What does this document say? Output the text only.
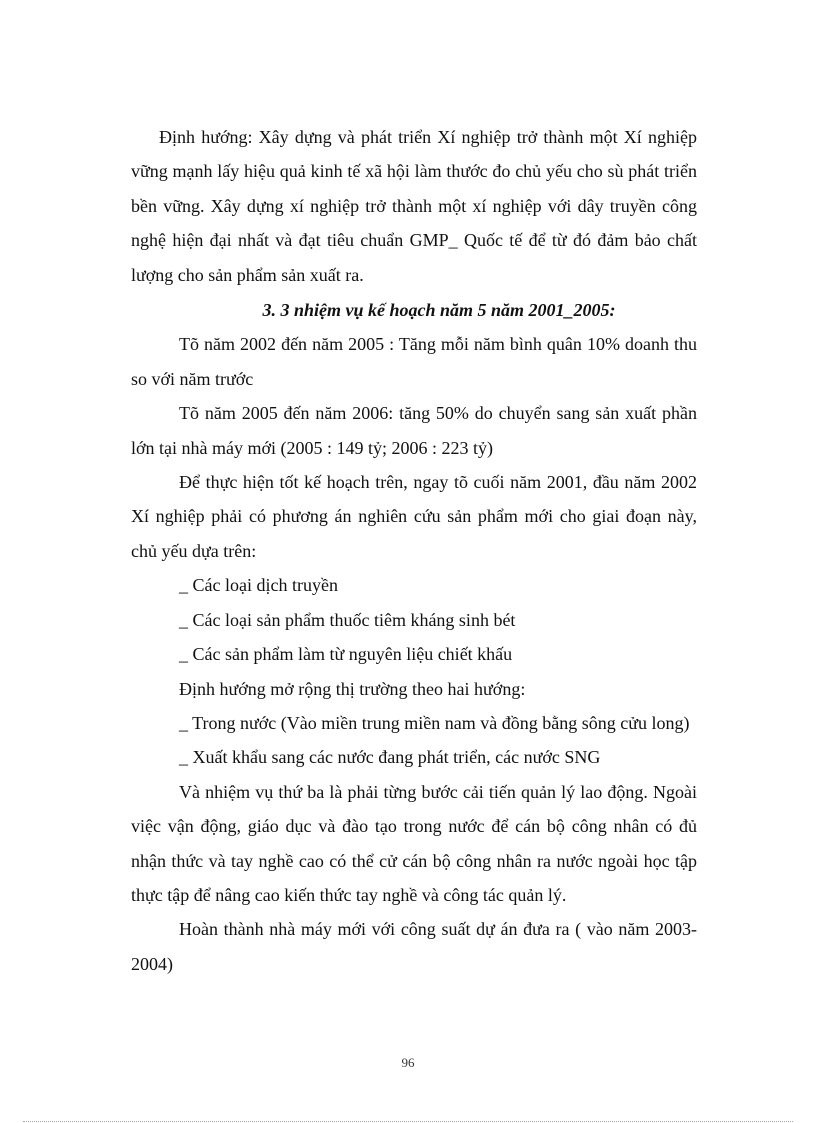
Định hướng: Xây dựng và phát triển Xí nghiệp trở thành một Xí nghiệp vững mạnh lấy hiệu quả kinh tế xã hội làm thước đo chủ yếu cho sù phát triển bền vững. Xây dựng xí nghiệp trở thành một xí nghiệp với dây truyền công nghệ hiện đại nhất và đạt tiêu chuẩn GMP_ Quốc tế để từ đó đảm bảo chất lượng cho sản phẩm sản xuất ra.

3. 3 nhiệm vụ kế hoạch năm 5 năm 2001_2005:

Tõ năm 2002 đến năm 2005 : Tăng mỗi năm bình quân 10% doanh thu so với năm trước

Tõ năm 2005 đến năm 2006: tăng 50% do chuyển sang sản xuất phần lớn tại nhà máy mới (2005 : 149 tỷ; 2006 : 223 tỷ)

Để thực hiện tốt kế hoạch trên, ngay tõ cuối năm 2001, đầu năm 2002 Xí nghiệp phải có phương án nghiên cứu sản phẩm mới cho giai đoạn này, chủ yếu dựa trên:

_ Các loại dịch truyền

_ Các loại sản phẩm thuốc tiêm kháng sinh bét

_ Các sản phẩm làm từ nguyên liệu chiết khấu

Định hướng mở rộng thị trường theo hai hướng:

_ Trong nước (Vào miền trung miền nam và đồng bằng sông cửu long)

_ Xuất khẩu sang các nước đang phát triển, các nước SNG

Và nhiệm vụ thứ ba là phải từng bước cải tiến quản lý lao động. Ngoài việc vận động, giáo dục và đào tạo trong nước để cán bộ công nhân có đủ nhận thức và tay nghề cao có thể cử cán bộ công nhân ra nước ngoài học tập thực tập để nâng cao kiến thức tay nghề và công tác quản lý.

Hoàn thành nhà máy mới với công suất dự án đưa ra ( vào năm 2003-2004)

96
